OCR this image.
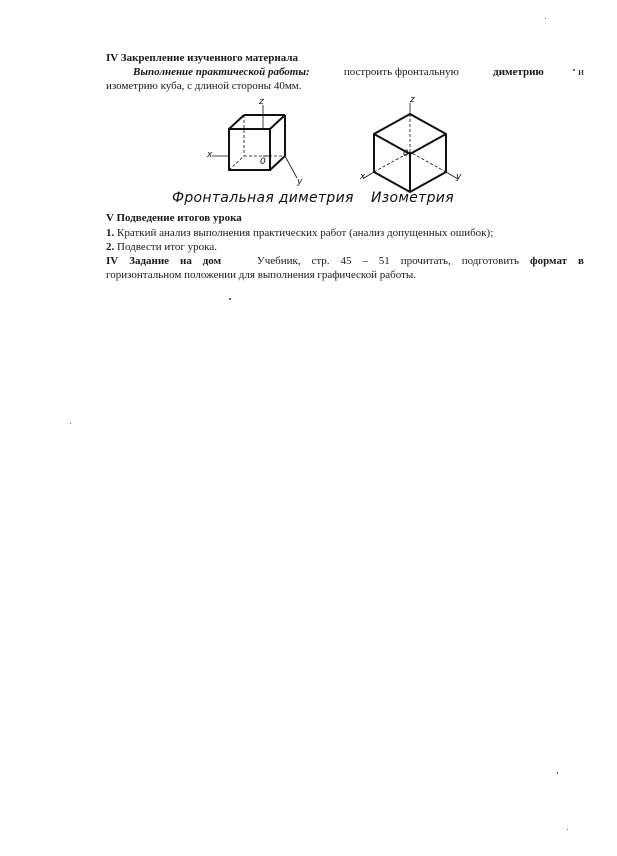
IV Закрепление изученного материала
Выполнение практической работы:	построить фронтальную	диметрию	и
изометрию куба, с длиной стороны 40мм.
z
x
y
0
z
x	y
0
Фронтальная диметрия Изометрия
V Подведение итогов урока
1. Краткий анализ выполнения практических работ (анализ допущенных ошибок);
2. Подвести итог урока.
IV Задание на дом	Учебник, стр. 45 – 51 прочитать, подготовить формат в
горизонтальном положении для выполнения графической работы.
